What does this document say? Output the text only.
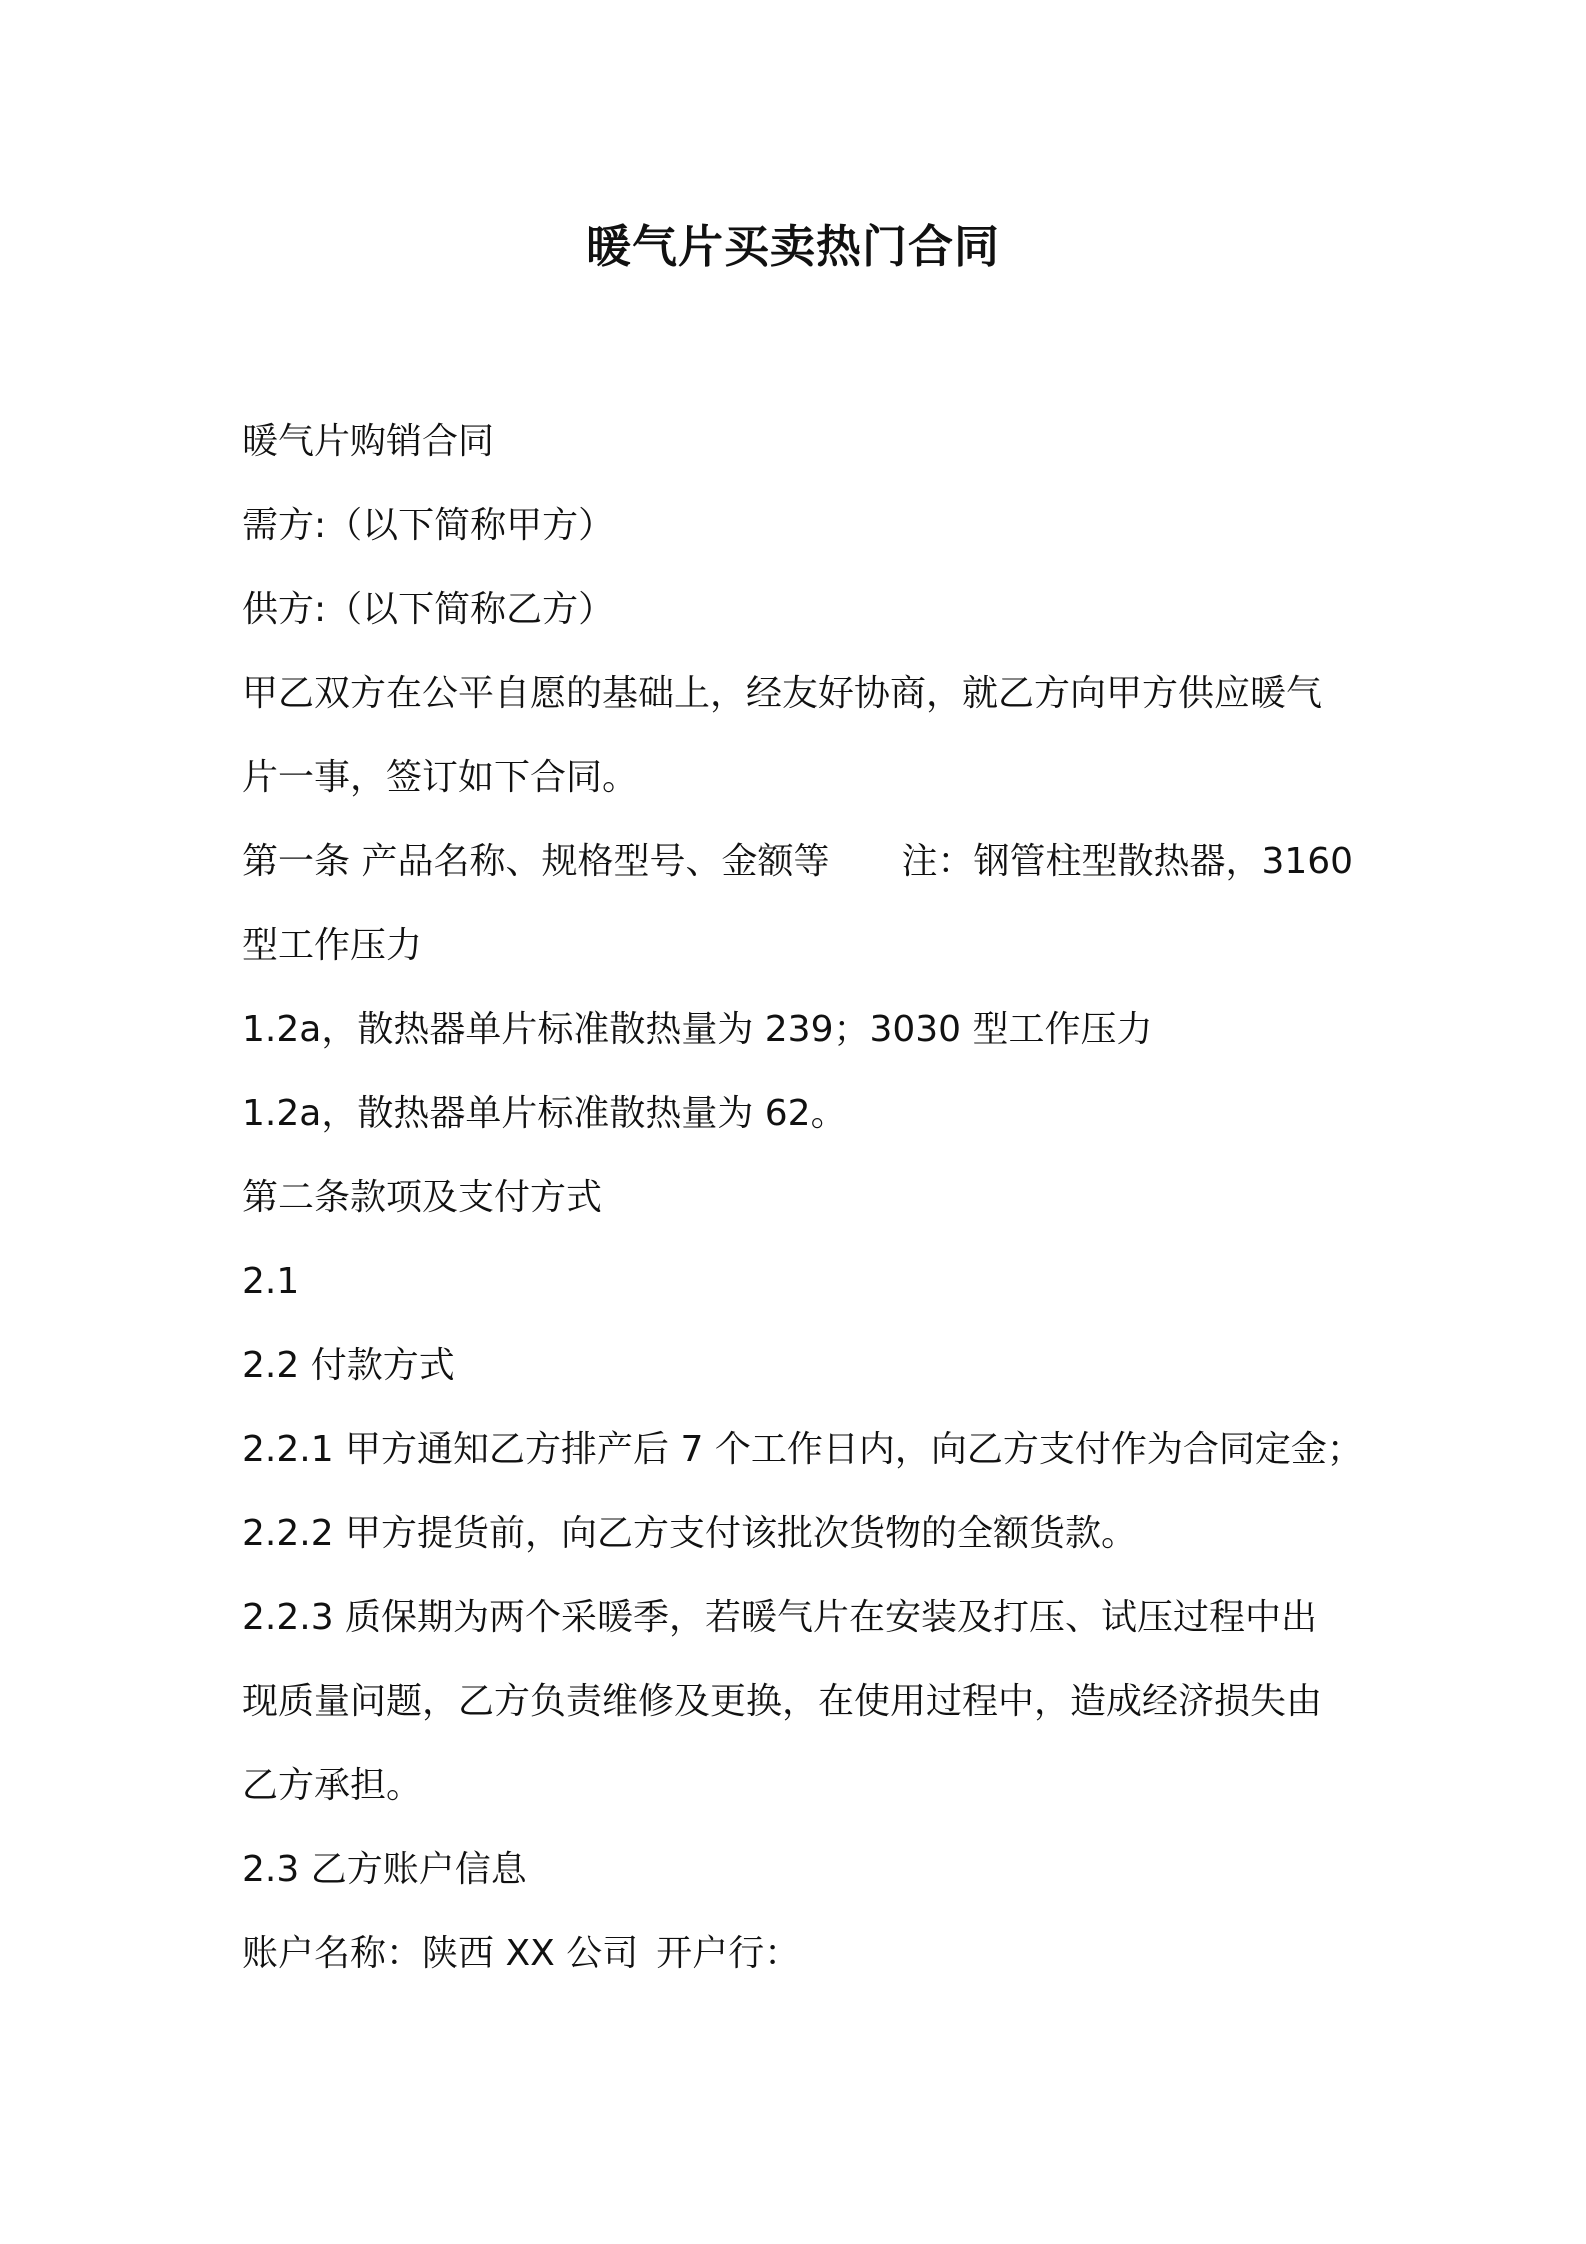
暖气片买卖热门合同

暖气片购销合同

需方:（以下简称甲方）

供方:（以下简称乙方）

甲乙双方在公平自愿的基础上，经友好协商，就乙方向甲方供应暖气

片一事，签订如下合同。

第一条 产品名称、规格型号、金额等 注：钢管柱型散热器，3160

型工作压力

1.2a，散热器单片标准散热量为 239；3030 型工作压力

1.2a，散热器单片标准散热量为 62。

第二条款项及支付方式

2.1

2.2 付款方式

2.2.1 甲方通知乙方排产后 7 个工作日内，向乙方支付作为合同定金；

2.2.2 甲方提货前，向乙方支付该批次货物的全额货款。

2.2.3 质保期为两个采暖季，若暖气片在安装及打压、试压过程中出

现质量问题，乙方负责维修及更换，在使用过程中，造成经济损失由

乙方承担。

2.3 乙方账户信息

账户名称：陕西 XX 公司 开户行：
